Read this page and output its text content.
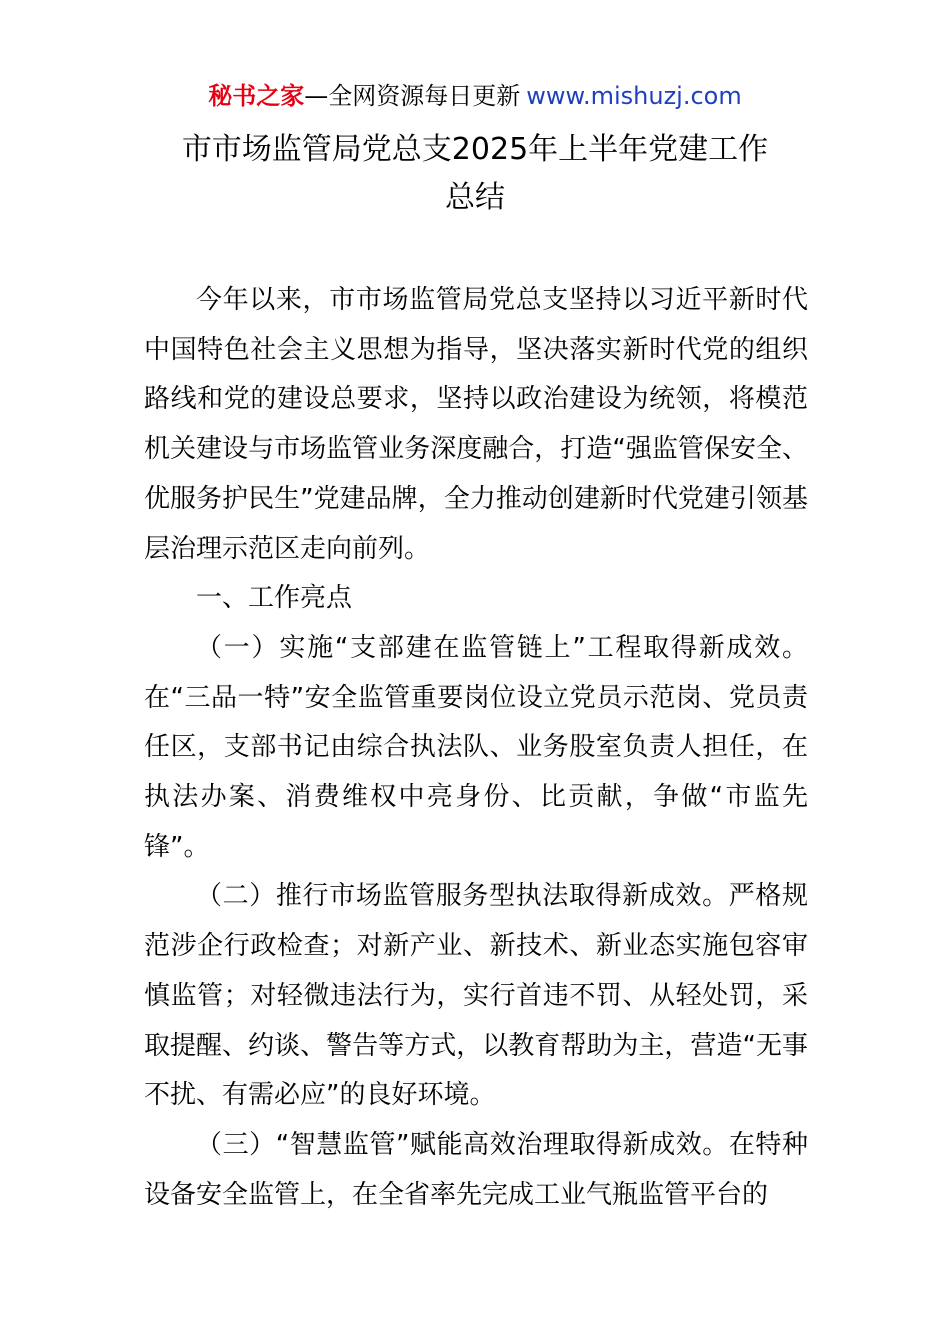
秘书之家—全网资源每日更新 www.mishuzj.com
市市场监管局党总支2025年上半年党建工作
总结

今年以来，市市场监管局党总支坚持以习近平新时代中国特色社会主义思想为指导，坚决落实新时代党的组织路线和党的建设总要求，坚持以政治建设为统领，将模范机关建设与市场监管业务深度融合，打造“强监管保安全、优服务护民生”党建品牌，全力推动创建新时代党建引领基层治理示范区走向前列。

一、工作亮点

（一）实施“支部建在监管链上”工程取得新成效。在“三品一特”安全监管重要岗位设立党员示范岗、党员责任区，支部书记由综合执法队、业务股室负责人担任，在执法办案、消费维权中亮身份、比贡献，争做“市监先锋”。

（二）推行市场监管服务型执法取得新成效。严格规范涉企行政检查；对新产业、新技术、新业态实施包容审慎监管；对轻微违法行为，实行首违不罚、从轻处罚，采取提醒、约谈、警告等方式，以教育帮助为主，营造“无事不扰、有需必应”的良好环境。

（三）“智慧监管”赋能高效治理取得新成效。在特种设备安全监管上，在全省率先完成工业气瓶监管平台的
